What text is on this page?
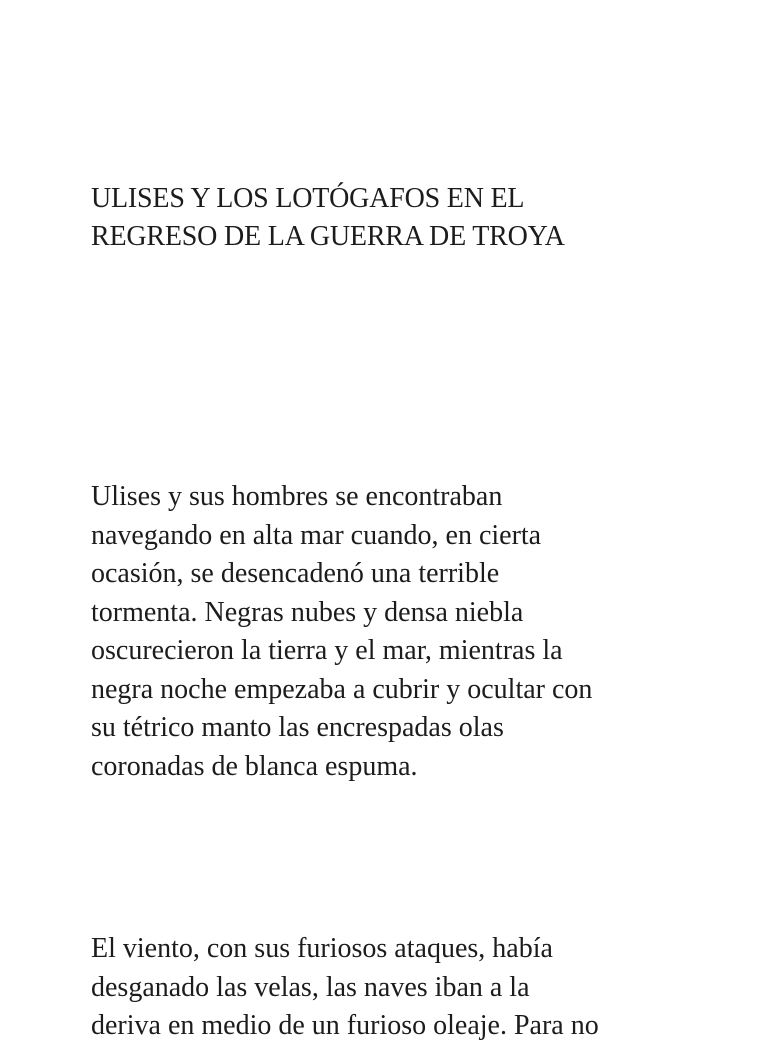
ULISES Y LOS LOTÓGAFOS EN EL
REGRESO DE LA GUERRA DE TROYA

Ulises y sus hombres se encontraban
navegando en alta mar cuando, en cierta
ocasión, se desencadenó una terrible
tormenta. Negras nubes y densa niebla
oscurecieron la tierra y el mar, mientras la
negra noche empezaba a cubrir y ocultar con
su tétrico manto las encrespadas olas
coronadas de blanca espuma.

El viento, con sus furiosos ataques, había
desganado las velas, las naves iban a la
deriva en medio de un furioso oleaje. Para no
